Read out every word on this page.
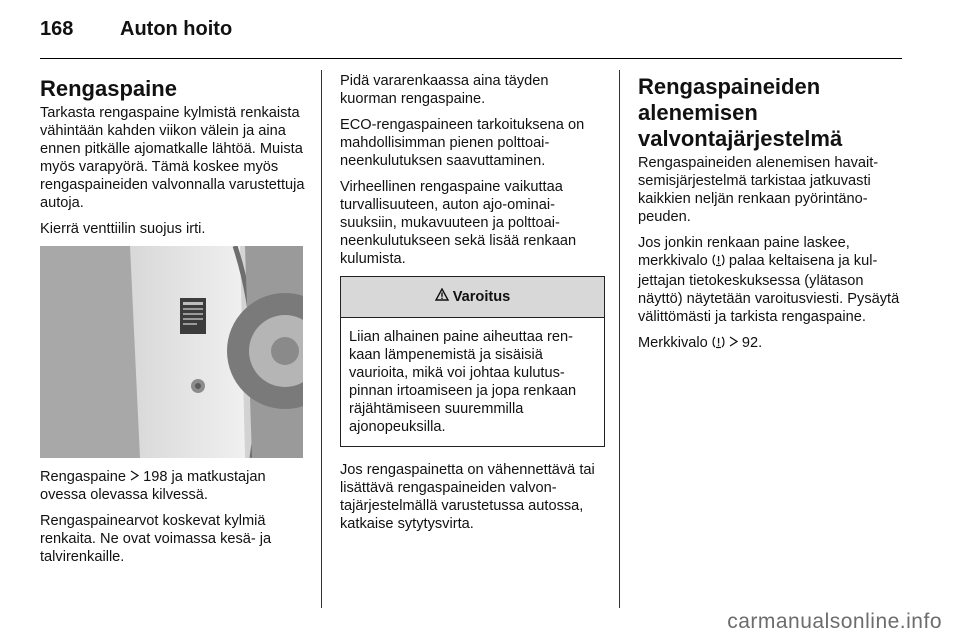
168	Auton hoito
Rengaspaine

Tarkasta rengaspaine kylmistä renkaista vähintään kahden viikon välein ja aina ennen pitkälle ajomatkalle lähtöä. Muista myös varapyörä. Tämä koskee myös rengaspaineiden valvonnalla varustettuja autoja.

Kierrä venttiilin suojus irti.

Rengaspaine  198 ja matkustajan ovessa olevassa kilvessä.

Rengaspainearvot koskevat kylmiä renkaita. Ne ovat voimassa kesä- ja talvirenkaille.

Pidä vararenkaassa aina täyden kuorman rengaspaine.

ECO-rengaspaineen tarkoituksena on mahdollisimman pienen polttoaineenkulutuksen saavuttaminen.

Virheellinen rengaspaine vaikuttaa turvallisuuteen, auton ajo-ominaisuuksiin, mukavuuteen ja polttoaineenkulutukseen sekä lisää renkaan kulumista.

Varoitus
Liian alhainen paine aiheuttaa renkaan lämpenemistä ja sisäisiä vaurioita, mikä voi johtaa kulutuspinnan irtoamiseen ja jopa renkaan räjähtämiseen suuremmilla ajonopeuksilla.

Jos rengaspainetta on vähennettävä tai lisättävä rengaspaineiden valvontajärjestelmällä varustetussa autossa, katkaise sytytysvirta.

Rengaspaineiden alenemisen valvontajärjestelmä

Rengaspaineiden alenemisen havaitsemisjärjestelmä tarkistaa jatkuvasti kaikkien neljän renkaan pyörintänopeuden.

Jos jonkin renkaan paine laskee, merkkivalo  palaa keltaisena ja kuljettajan tietokeskuksessa (ylätason näyttö) näytetään varoitusviesti. Pysäytä välittömästi ja tarkista rengaspaine.

Merkkivalo   92.

carmanualsonline.info
